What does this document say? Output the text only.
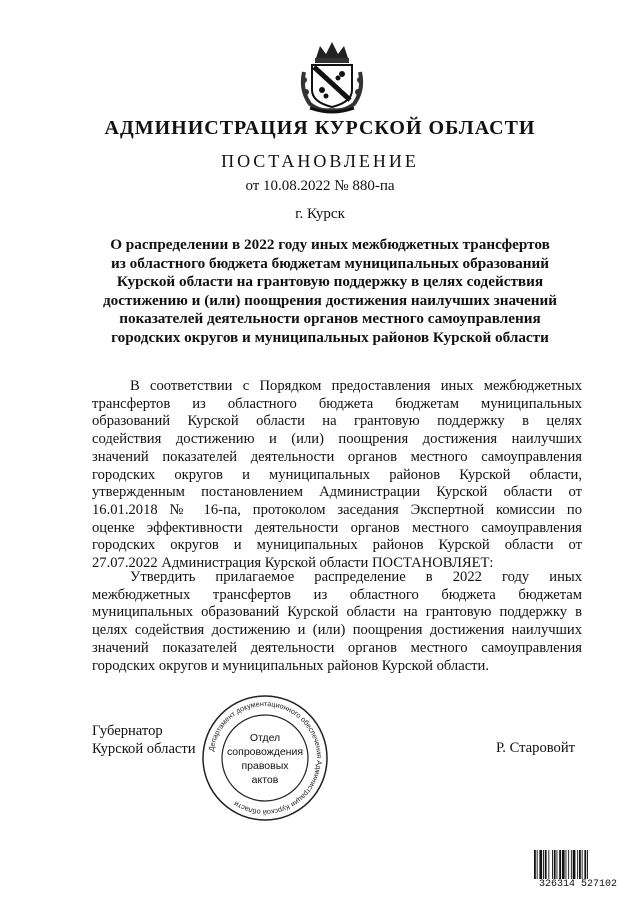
АДМИНИСТРАЦИЯ КУРСКОЙ ОБЛАСТИ
ПОСТАНОВЛЕНИЕ
от 10.08.2022 № 880-па
г. Курск
О распределении в 2022 году иных межбюджетных трансфертов
из областного бюджета бюджетам муниципальных образований
Курской области на грантовую поддержку в целях содействия
достижению и (или) поощрения достижения наилучших значений
показателей деятельности органов местного самоуправления
городских округов и муниципальных районов Курской области
В соответствии с Порядком предоставления иных межбюджетных
трансфертов из областного бюджета бюджетам муниципальных
образований Курской области на грантовую поддержку в целях
содействия достижению и (или) поощрения достижения наилучших
значений показателей деятельности органов местного самоуправления
городских округов и муниципальных районов Курской области,
утвержденным постановлением Администрации Курской области от
16.01.2018 № 16-па, протоколом заседания Экспертной комиссии по
оценке эффективности деятельности органов местного самоуправления
городских округов и муниципальных районов Курской области от
27.07.2022 Администрация Курской области ПОСТАНОВЛЯЕТ:
Утвердить прилагаемое распределение в 2022 году иных
межбюджетных трансфертов из областного бюджета бюджетам
муниципальных образований Курской области на грантовую поддержку в
целях содействия достижению и (или) поощрения достижения наилучших
значений показателей деятельности органов местного самоуправления
городских округов и муниципальных районов Курской области.
Губернатор
Курской области	Р. Старовойт
Департамент документационного обеспечения Администрации Курской области
Отдел
сопровождения
правовых
актов
326314 527102
